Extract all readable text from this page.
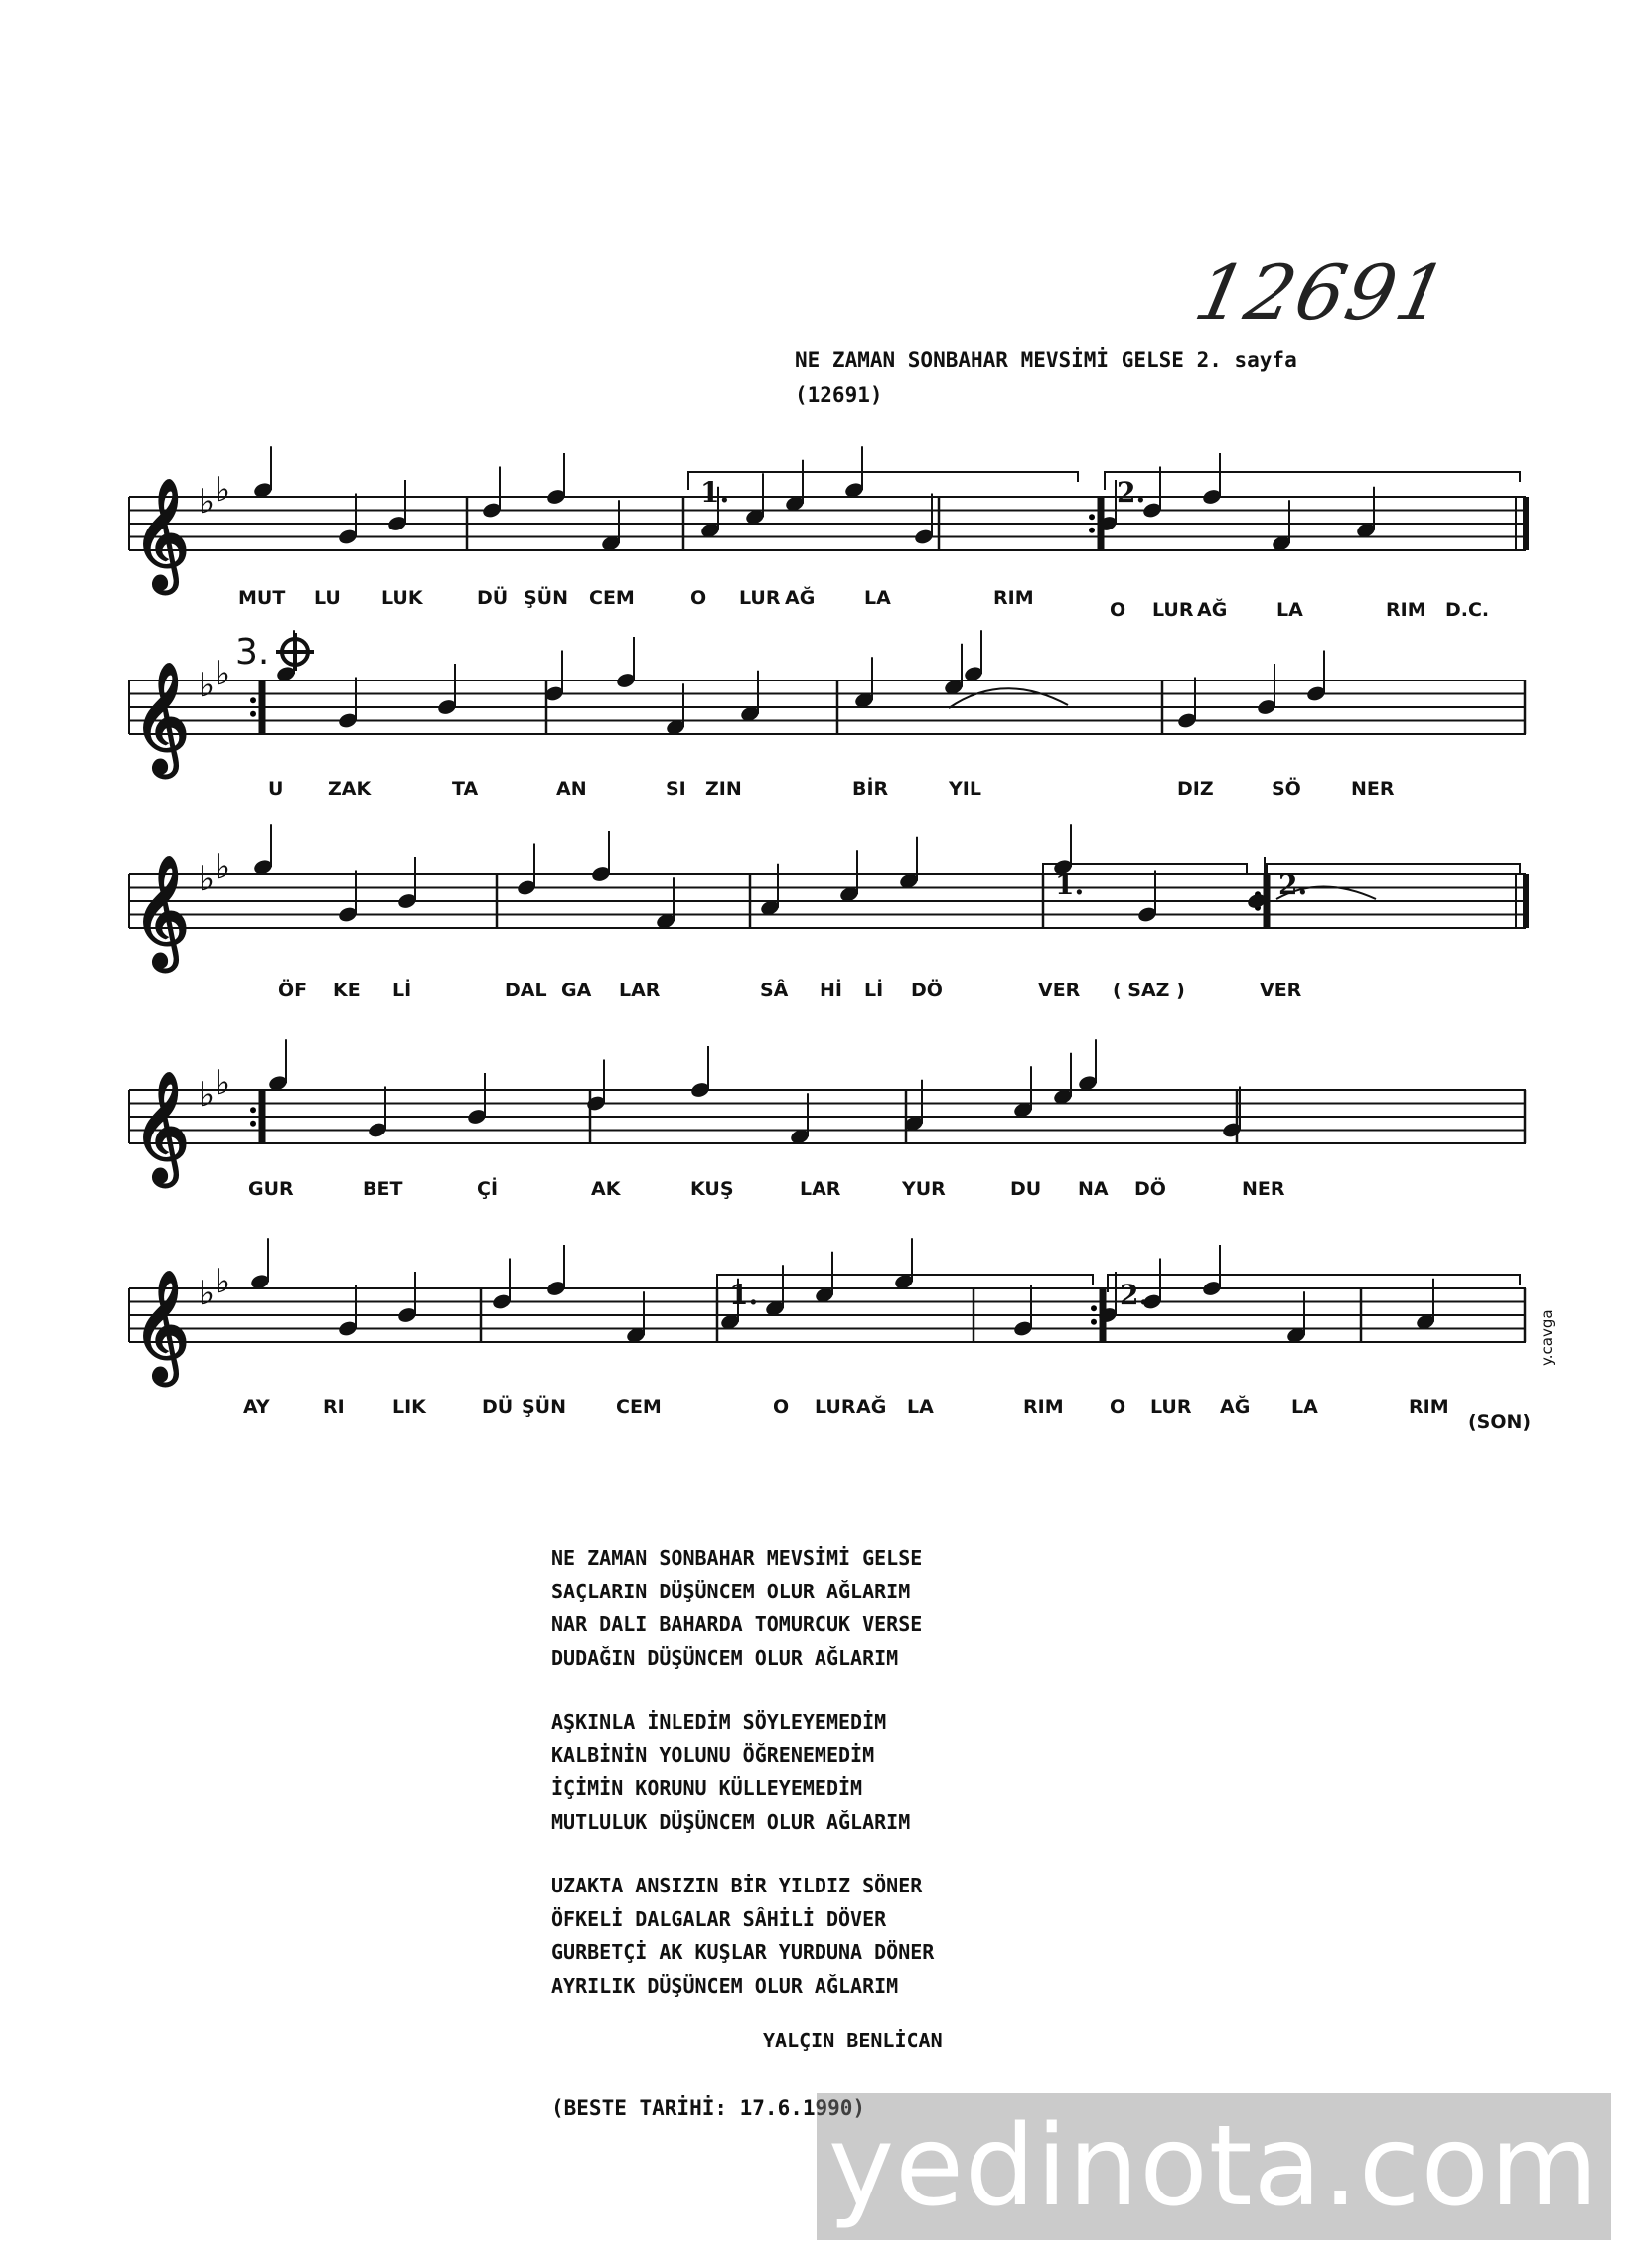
12691
NE ZAMAN SONBAHAR MEVSİMİ GELSE 2. sayfa
(12691)
𝄞 ♭ ♭
𝄞 ♭ ♭
𝄞 ♭ ♭
𝄞 ♭ ♭
𝄞 ♭ ♭
1.	2.
1.	2.
1.	2.
3.
MUT LU LUK	DÜ ŞÜN CEM	O LUR AĞ	LA	RIM
O LUR AĞ	LA	RIM
U ZAK	TA	AN	SI ZIN	BİR	YIL	DIZ	SÖ	NER
ÖF KE Lİ	DAL GA LAR	SÂ Hİ Lİ DÖ	VER ( SAZ )	VER
GUR	BET	Çİ	AK	KUŞ	LAR	YUR	DU NA DÖ	NER
AY	RI	LIK	DÜ ŞÜN	CEM	O LUR AĞ LA	RIM O LUR AĞ LA	RIM
D.C.
(SON)
y.cavga
NE ZAMAN SONBAHAR MEVSİMİ GELSE
SAÇLARIN DÜŞÜNCEM OLUR AĞLARIM
NAR DALI BAHARDA TOMURCUK VERSE
DUDAĞIN DÜŞÜNCEM OLUR AĞLARIM
AŞKINLA İNLEDİM SÖYLEYEMEDİM
KALBİNİN YOLUNU ÖĞRENEMEDİM
İÇİMİN KORUNU KÜLLEYEMEDİM
MUTLULUK DÜŞÜNCEM OLUR AĞLARIM
UZAKTA ANSIZIN BİR YILDIZ SÖNER
ÖFKELİ DALGALAR SÂHİLİ DÖVER
GURBETÇİ AK KUŞLAR YURDUNA DÖNER
AYRILIK DÜŞÜNCEM OLUR AĞLARIM
YALÇIN BENLİCAN
(BESTE TARİHİ: 17.6.1990)
yedinota.com
